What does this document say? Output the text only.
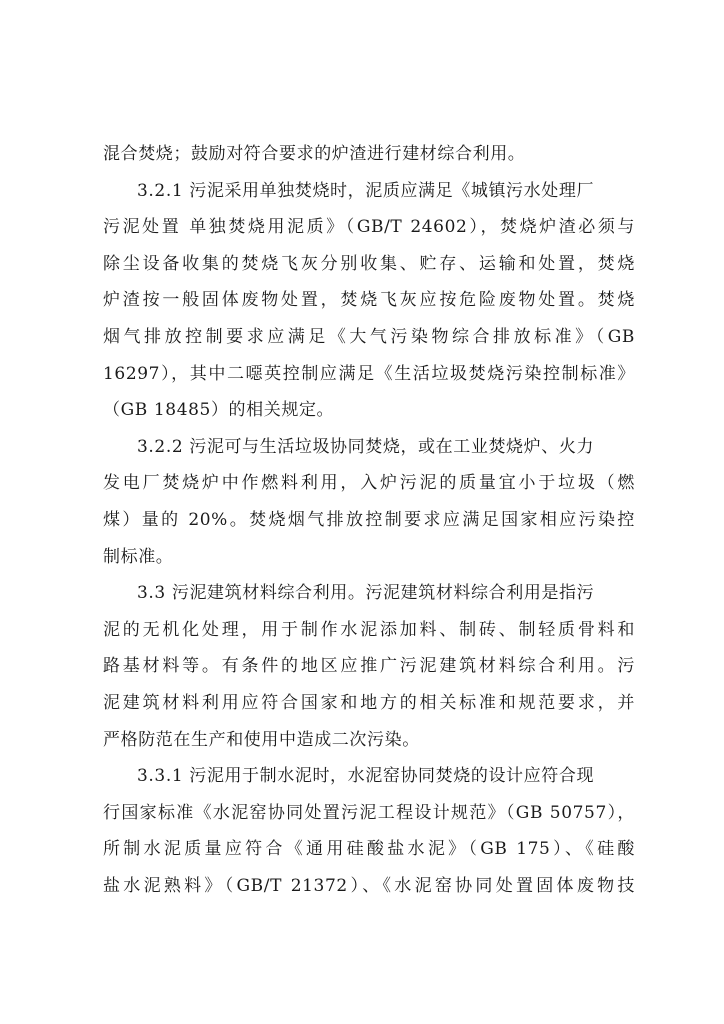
混合焚烧；鼓励对符合要求的炉渣进行建材综合利用。
3.2.1 污泥采用单独焚烧时，泥质应满足《城镇污水处理厂
污泥处置 单独焚烧用泥质》（GB/T 24602），焚烧炉渣必须与
除尘设备收集的焚烧飞灰分别收集、贮存、运输和处置，焚烧
炉渣按一般固体废物处置，焚烧飞灰应按危险废物处置。焚烧
烟气排放控制要求应满足《大气污染物综合排放标准》（GB
16297），其中二噁英控制应满足《生活垃圾焚烧污染控制标准》
（GB 18485）的相关规定。
3.2.2 污泥可与生活垃圾协同焚烧，或在工业焚烧炉、火力
发电厂焚烧炉中作燃料利用，入炉污泥的质量宜小于垃圾（燃
煤）量的 20%。焚烧烟气排放控制要求应满足国家相应污染控
制标准。
3.3 污泥建筑材料综合利用。污泥建筑材料综合利用是指污
泥的无机化处理，用于制作水泥添加料、制砖、制轻质骨料和
路基材料等。有条件的地区应推广污泥建筑材料综合利用。污
泥建筑材料利用应符合国家和地方的相关标准和规范要求，并
严格防范在生产和使用中造成二次污染。
3.3.1 污泥用于制水泥时，水泥窑协同焚烧的设计应符合现
行国家标准《水泥窑协同处置污泥工程设计规范》（GB 50757），
所制水泥质量应符合《通用硅酸盐水泥》（GB 175）、《硅酸
盐水泥熟料》（GB/T 21372）、《水泥窑协同处置固体废物技
